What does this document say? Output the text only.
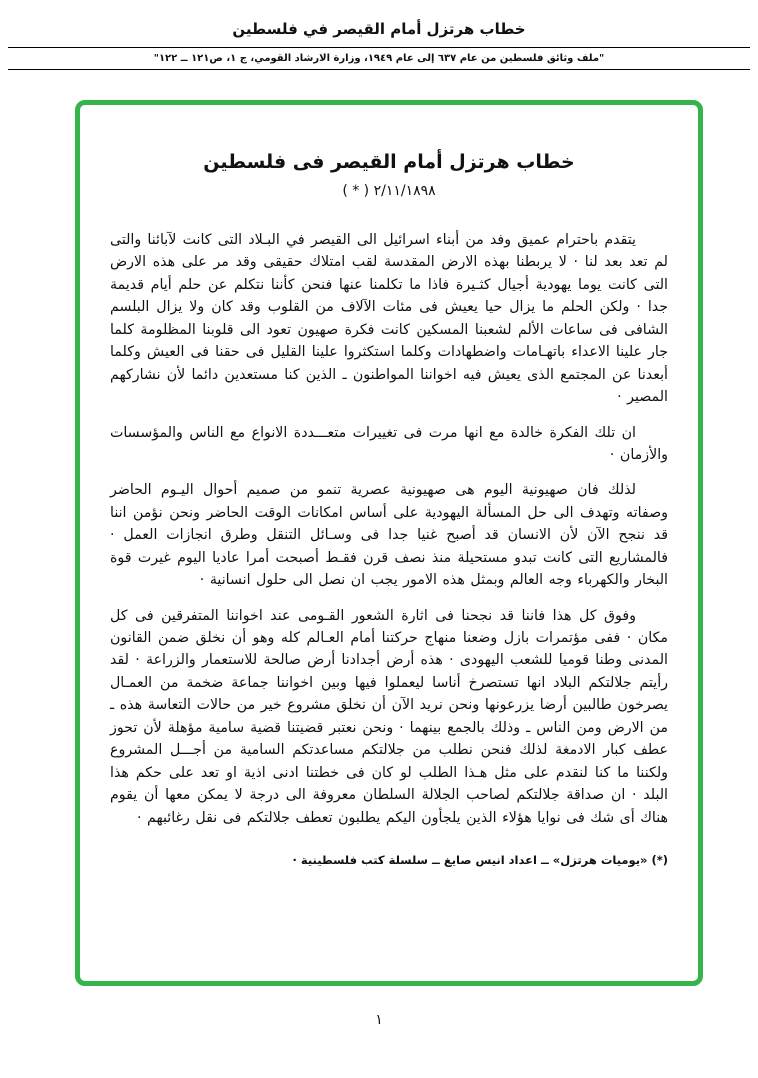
خطاب هرتزل أمام القيصر في فلسطين
"ملف وثائق فلسطين من عام ٦٣٧ إلى عام ١٩٤٩، وزارة الارشاد القومي، ج ١، ص١٢١ ــ ١٢٢"
خطاب هرتزل أمام القيصر فى فلسطين
٢/١١/١٨٩٨ ( * )

يتقدم باحترام عميق وفد من أبناء اسرائيل الى القيصر في البـلاد التى كانت لآبائنا والتى لم تعد بعد لنا · لا يربطنا بهذه الارض المقدسة لقب امتلاك حقيقى وقد مر على هذه الارض التى كانت يوما يهودية أجيال كثـيرة فاذا ما تكلمنا عنها فنحن كأننا نتكلم عن حلم أيام قديمة جدا · ولكن الحلم ما يزال حيا يعيش فى مئات الآلاف من القلوب وقد كان ولا يزال البلسم الشافى فى ساعات الألم لشعبنا المسكين كانت فكرة صهيون تعود الى قلوبنا المظلومة كلما جار علينا الاعداء باتهـامات واضطهادات وكلما استكثروا علينا القليل فى حقنا فى العيش وكلما أبعدنا عن المجتمع الذى يعيش فيه اخواننا المواطنون ـ الذين كنا مستعدين دائما لأن نشاركهم المصير ·

ان تلك الفكرة خالدة مع انها مرت فى تغييرات متعـــددة الانواع مع الناس والمؤسسات والأزمان ·

لذلك فان صهيونية اليوم هى صهيونية عصرية تنمو من صميم أحوال اليـوم الحاضر وصفاته وتهدف الى حل المسألة اليهودية على أساس امكانات الوقت الحاضر ونحن نؤمن اننا قد ننجح الآن لأن الانسان قد أصبح غنيا جدا فى وسـائل التنقل وطرق انجازات العمل · فالمشاريع التى كانت تبدو مستحيلة منذ نصف قرن فقـط أصبحت أمرا عاديا اليوم غيرت قوة البخار والكهرباء وجه العالم وبمثل هذه الامور يجب ان نصل الى حلول انسانية ·

وفوق كل هذا فاننا قد نجحنا فى اثارة الشعور القـومى عند اخواننا المتفرقين فى كل مكان · ففى مؤتمرات بازل وضعنا منهاج حركتنا أمام العـالم كله وهو أن نخلق ضمن القانون المدنى وطنا قوميا للشعب اليهودى · هذه أرض أجدادنا أرض صالحة للاستعمار والزراعة · لقد رأيتم جلالتكم البلاد انها تستصرخ أناسا ليعملوا فيها وبين اخواننا جماعة ضخمة من العمـال يصرخون طالبين أرضا يزرعونها ونحن نريد الآن أن نخلق مشروع خير من حالات التعاسة هذه ـ من الارض ومن الناس ـ وذلك بالجمع بينهما · ونحن نعتبر قضيتنا قضية سامية مؤهلة لأن تحوز عطف كبار الادمغة لذلك فنحن نطلب من جلالتكم مساعدتكم السامية من أجـــل المشروع ولكننا ما كنا لنقدم على مثل هـذا الطلب لو كان فى خطتنا ادنى اذية او تعد على حكم هذا البلد · ان صداقة جلالتكم لصاحب الجلالة السلطان معروفة الى درجة لا يمكن معها أن يقوم هناك أى شك فى نوايا هؤلاء الذين يلجأون اليكم يطلبون تعطف جلالتكم فى نقل رغائبهم ·

(*) «يوميات هرتزل» ــ اعداد انيس صايغ ــ سلسلة كتب فلسطينية ·
١
